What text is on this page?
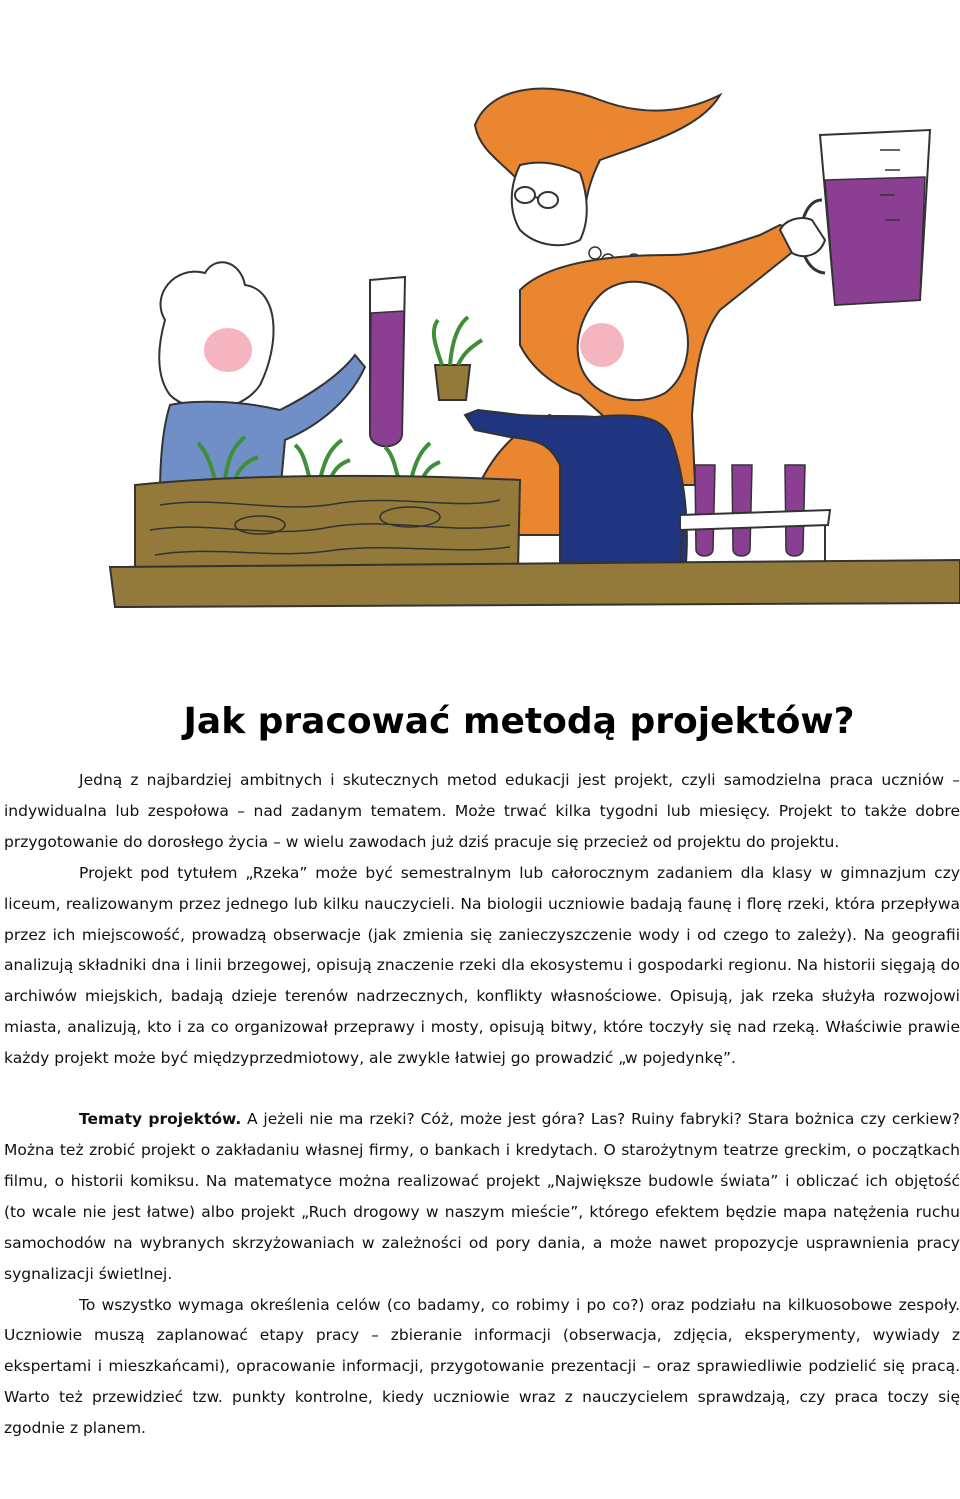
Jak pracować metodą projektów?

Jedną z najbardziej ambitnych i skutecznych metod edukacji jest projekt, czyli samodzielna praca uczniów – indywidualna lub zespołowa – nad zadanym tematem. Może trwać kilka tygodni lub miesięcy. Projekt to także dobre przygotowanie do dorosłego życia – w wielu zawodach już dziś pracuje się przecież od projektu do projektu.

Projekt pod tytułem „Rzeka” może być semestralnym lub całorocznym zadaniem dla klasy w gimnazjum czy liceum, realizowanym przez jednego lub kilku nauczycieli. Na biologii uczniowie badają faunę i florę rzeki, która przepływa przez ich miejscowość, prowadzą obserwacje (jak zmienia się zanieczyszczenie wody i od czego to zależy). Na geografii analizują składniki dna i linii brzegowej, opisują znaczenie rzeki dla ekosystemu i gospodarki regionu. Na historii sięgają do archiwów miejskich, badają dzieje terenów nadrzecznych, konflikty własnościowe. Opisują, jak rzeka służyła rozwojowi miasta, analizują, kto i za co organizował przeprawy i mosty, opisują bitwy, które toczyły się nad rzeką. Właściwie prawie każdy projekt może być międzyprzedmiotowy, ale zwykle łatwiej go prowadzić „w pojedynkę”.

Tematy projektów. A jeżeli nie ma rzeki? Cóż, może jest góra? Las? Ruiny fabryki? Stara bożnica czy cerkiew? Można też zrobić projekt o zakładaniu własnej firmy, o bankach i kredytach. O starożytnym teatrze greckim, o początkach filmu, o historii komiksu. Na matematyce można realizować projekt „Największe budowle świata” i obliczać ich objętość (to wcale nie jest łatwe) albo projekt „Ruch drogowy w naszym mieście”, którego efektem będzie mapa natężenia ruchu samochodów na wybranych skrzyżowaniach w zależności od pory dania, a może nawet propozycje usprawnienia pracy sygnalizacji świetlnej.

To wszystko wymaga określenia celów (co badamy, co robimy i po co?) oraz podziału na kilkuosobowe zespoły. Uczniowie muszą zaplanować etapy pracy – zbieranie informacji (obserwacja, zdjęcia, eksperymenty, wywiady z ekspertami i mieszkańcami), opracowanie informacji, przygotowanie prezentacji – oraz sprawiedliwie podzielić się pracą. Warto też przewidzieć tzw. punkty kontrolne, kiedy uczniowie wraz z nauczycielem sprawdzają, czy praca toczy się zgodnie z planem.
